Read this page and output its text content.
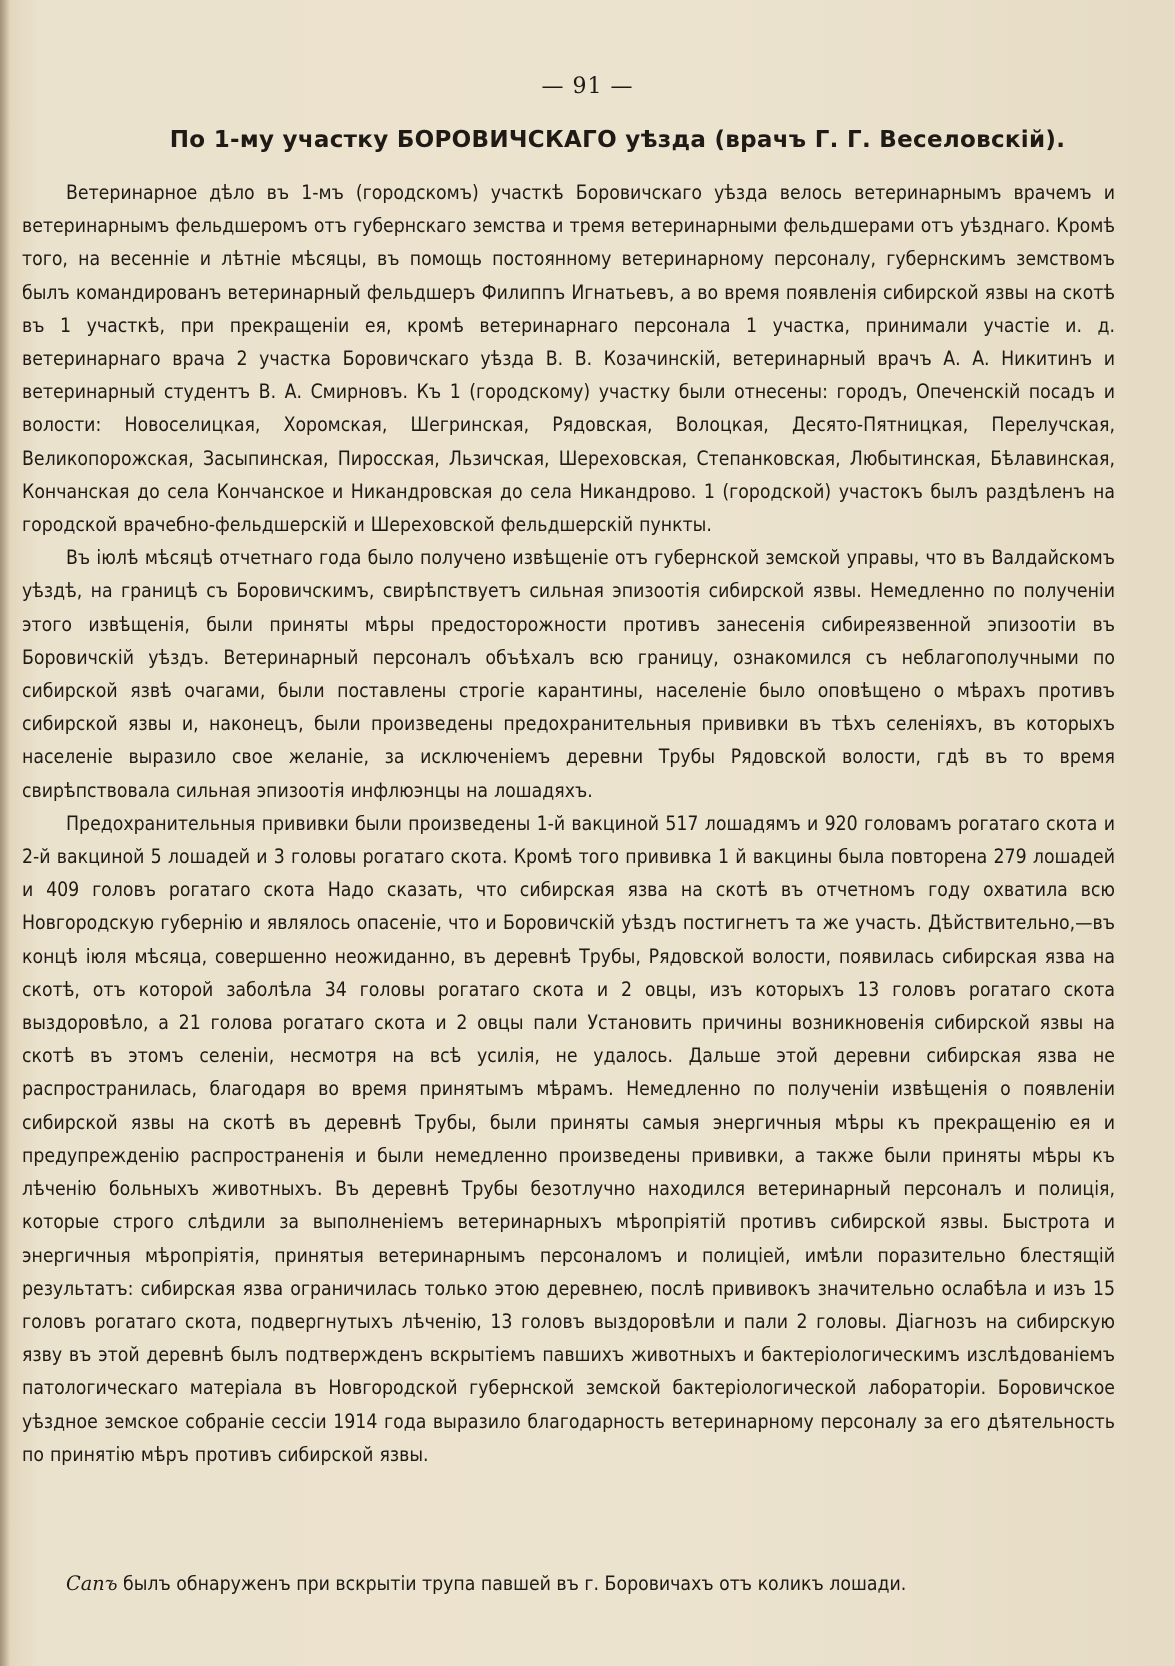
— 91 —
По 1-му участку БОРОВИЧСКАГО уѣзда (врачъ Г. Г. Веселовскій).

Ветеринарное дѣло въ 1-мъ (городскомъ) участкѣ Боровичскаго уѣзда велось ветеринарнымъ врачемъ и ветеринарнымъ фельдшеромъ отъ губернскаго земства и тремя ветеринарными фельдшерами отъ уѣзднаго. Кромѣ того, на весенніе и лѣтніе мѣсяцы, въ помощь постоянному ветеринарному персоналу, губернскимъ земствомъ былъ командированъ ветеринарный фельдшеръ Филиппъ Игнатьевъ, а во время появленія сибирской язвы на скотѣ въ 1 участкѣ, при прекращеніи ея, кромѣ ветеринарнаго персонала 1 участка, принимали участіе и. д. ветеринарнаго врача 2 участка Боровичскаго уѣзда В. В. Козачинскій, ветеринарный врачъ А. А. Никитинъ и ветеринарный студентъ В. А. Смирновъ. Къ 1 (городскому) участку были отнесены: городъ, Опеченскій посадъ и волости: Новоселицкая, Хоромская, Шегринская, Рядовская, Волоцкая, Десято-Пятницкая, Перелучская, Великопорожская, Засыпинская, Пиросская, Льзичская, Шереховская, Степанковская, Любытинская, Бѣлавинская, Кончанская до села Кончанское и Никандровская до села Никандрово. 1 (городской) участокъ былъ раздѣленъ на городской врачебно-фельдшерскій и Шереховской фельдшерскій пункты.

Въ іюлѣ мѣсяцѣ отчетнаго года было получено извѣщеніе отъ губернской земской управы, что въ Валдайскомъ уѣздѣ, на границѣ съ Боровичскимъ, свирѣпствуетъ сильная эпизоотія сибирской язвы. Немедленно по полученіи этого извѣщенія, были приняты мѣры предосторожности противъ занесенія сибиреязвенной эпизоотіи въ Боровичскій уѣздъ. Ветеринарный персоналъ объѣхалъ всю границу, ознакомился съ неблагополучными по сибирской язвѣ очагами, были поставлены строгіе карантины, населеніе было оповѣщено о мѣрахъ противъ сибирской язвы и, наконецъ, были произведены предохранительныя прививки въ тѣхъ селеніяхъ, въ которыхъ населеніе выразило свое желаніе, за исключеніемъ деревни Трубы Рядовской волости, гдѣ въ то время свирѣпствовала сильная эпизоотія инфлюэнцы на лошадяхъ.

Предохранительныя прививки были произведены 1-й вакциной 517 лошадямъ и 920 головамъ рогатаго скота и 2-й вакциной 5 лошадей и 3 головы рогатаго скота. Кромѣ того прививка 1 й вакцины была повторена 279 лошадей и 409 головъ рогатаго скота Надо сказать, что сибирская язва на скотѣ въ отчетномъ году охватила всю Новгородскую губернію и являлось опасеніе, что и Боровичскій уѣздъ постигнетъ та же участь. Дѣйствительно,—въ концѣ іюля мѣсяца, совершенно неожиданно, въ деревнѣ Трубы, Рядовской волости, появилась сибирская язва на скотѣ, отъ которой заболѣла 34 головы рогатаго скота и 2 овцы, изъ которыхъ 13 головъ рогатаго скота выздоровѣло, а 21 голова рогатаго скота и 2 овцы пали Установить причины возникновенія сибирской язвы на скотѣ въ этомъ селеніи, несмотря на всѣ усилія, не удалось. Дальше этой деревни сибирская язва не распространилась, благодаря во время принятымъ мѣрамъ. Немедленно по полученіи извѣщенія о появленіи сибирской язвы на скотѣ въ деревнѣ Трубы, были приняты самыя энергичныя мѣры къ прекращенію ея и предупрежденію распространенія и были немедленно произведены прививки, а также были приняты мѣры къ лѣченію больныхъ животныхъ. Въ деревнѣ Трубы безотлучно находился ветеринарный персоналъ и полиція, которые строго слѣдили за выполненіемъ ветеринарныхъ мѣропріятій противъ сибирской язвы. Быстрота и энергичныя мѣропріятія, принятыя ветеринарнымъ персоналомъ и полиціей, имѣли поразительно блестящій результатъ: сибирская язва ограничилась только этою деревнею, послѣ прививокъ значительно ослабѣла и изъ 15 головъ рогатаго скота, подвергнутыхъ лѣченію, 13 головъ выздоровѣли и пали 2 головы. Діагнозъ на сибирскую язву въ этой деревнѣ былъ подтвержденъ вскрытіемъ павшихъ животныхъ и бактеріологическимъ изслѣдованіемъ патологическаго матеріала въ Новгородской губернской земской бактеріологической лабораторіи. Боровичское уѣздное земское собраніе сессіи 1914 года выразило благодарность ветеринарному персоналу за его дѣятельность по принятію мѣръ противъ сибирской язвы.

Сапъ былъ обнаруженъ при вскрытіи трупа павшей въ г. Боровичахъ отъ коликъ лошади.
